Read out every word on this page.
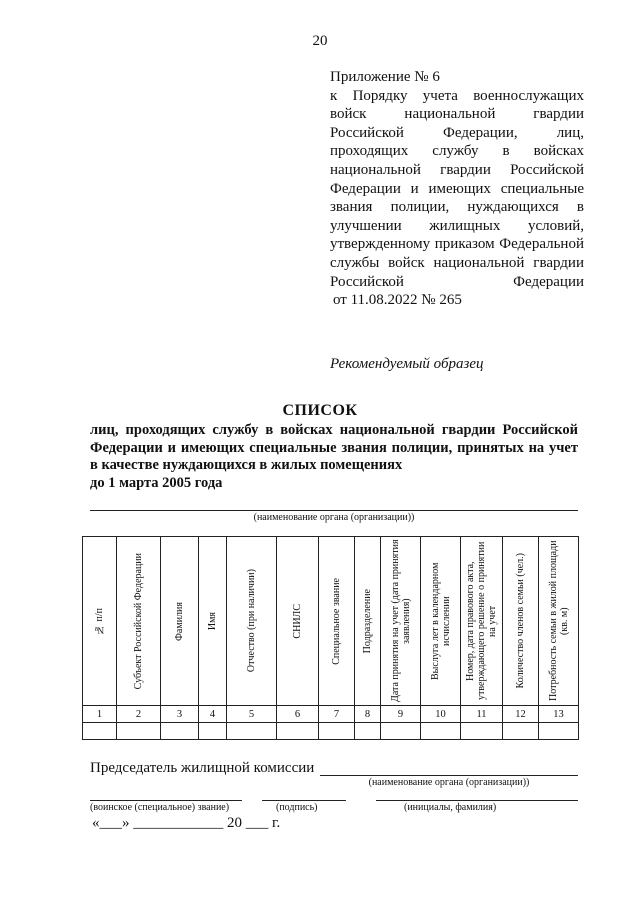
20
Приложение № 6
к Порядку учета военнослужащих войск национальной гвардии Российской Федерации, лиц, проходящих службу в войсках национальной гвардии Российской Федерации и имеющих специальные звания полиции, нуждающихся в улучшении жилищных условий, утвержденному приказом Федеральной службы войск национальной гвардии Российской Федерации
от 11.08.2022 № 265
Рекомендуемый образец
СПИСОК
лиц, проходящих службу в войсках национальной гвардии Российской Федерации и имеющих специальные звания полиции, принятых на учет в качестве нуждающихся в жилых помещениях
до 1 марта 2005 года
(наименование органа (организации))
№ п/п	Субъект Российской Федерации	Фамилия	Имя	Отчество (при наличии)	СНИЛС	Специальное звание	Подразделение	Дата принятия на учет (дата принятия заявления)	Выслуга лет в календарном исчислении	Номер, дата правового акта, утверждающего решение о принятии на учет	Количество членов семьи (чел.)	Потребность семьи в жилой площади (кв. м)

1	2	3	4	5	6	7	8	9	10	11	12	13

Председатель жилищной комиссии
(наименование органа (организации))
(воинское (специальное) звание)	(подпись)	(инициалы, фамилия)
«___» ____________ 20 ___ г.
